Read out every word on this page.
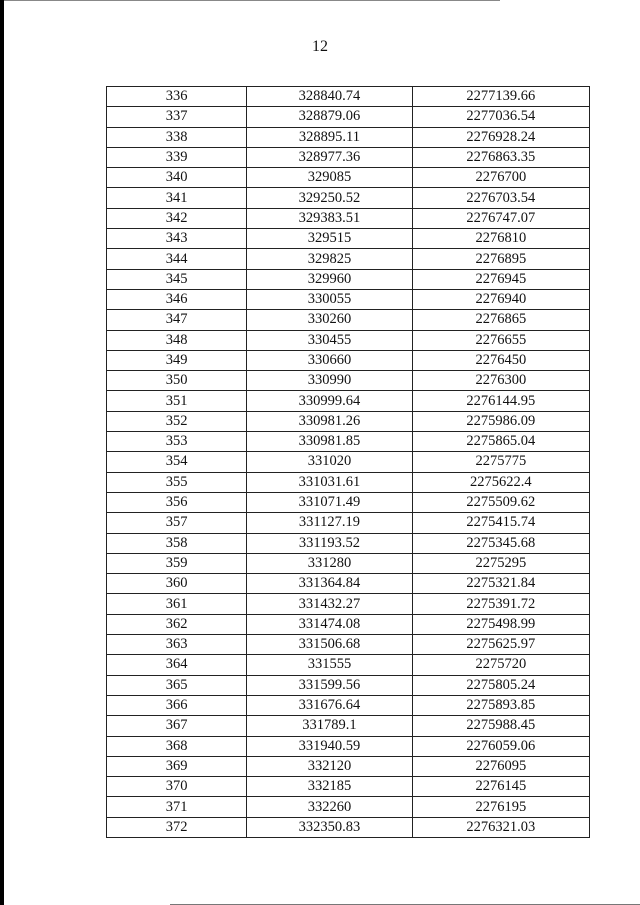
12
336	328840.74	2277139.66
337	328879.06	2277036.54
338	328895.11	2276928.24
339	328977.36	2276863.35
340	329085	2276700
341	329250.52	2276703.54
342	329383.51	2276747.07
343	329515	2276810
344	329825	2276895
345	329960	2276945
346	330055	2276940
347	330260	2276865
348	330455	2276655
349	330660	2276450
350	330990	2276300
351	330999.64	2276144.95
352	330981.26	2275986.09
353	330981.85	2275865.04
354	331020	2275775
355	331031.61	2275622.4
356	331071.49	2275509.62
357	331127.19	2275415.74
358	331193.52	2275345.68
359	331280	2275295
360	331364.84	2275321.84
361	331432.27	2275391.72
362	331474.08	2275498.99
363	331506.68	2275625.97
364	331555	2275720
365	331599.56	2275805.24
366	331676.64	2275893.85
367	331789.1	2275988.45
368	331940.59	2276059.06
369	332120	2276095
370	332185	2276145
371	332260	2276195
372	332350.83	2276321.03
